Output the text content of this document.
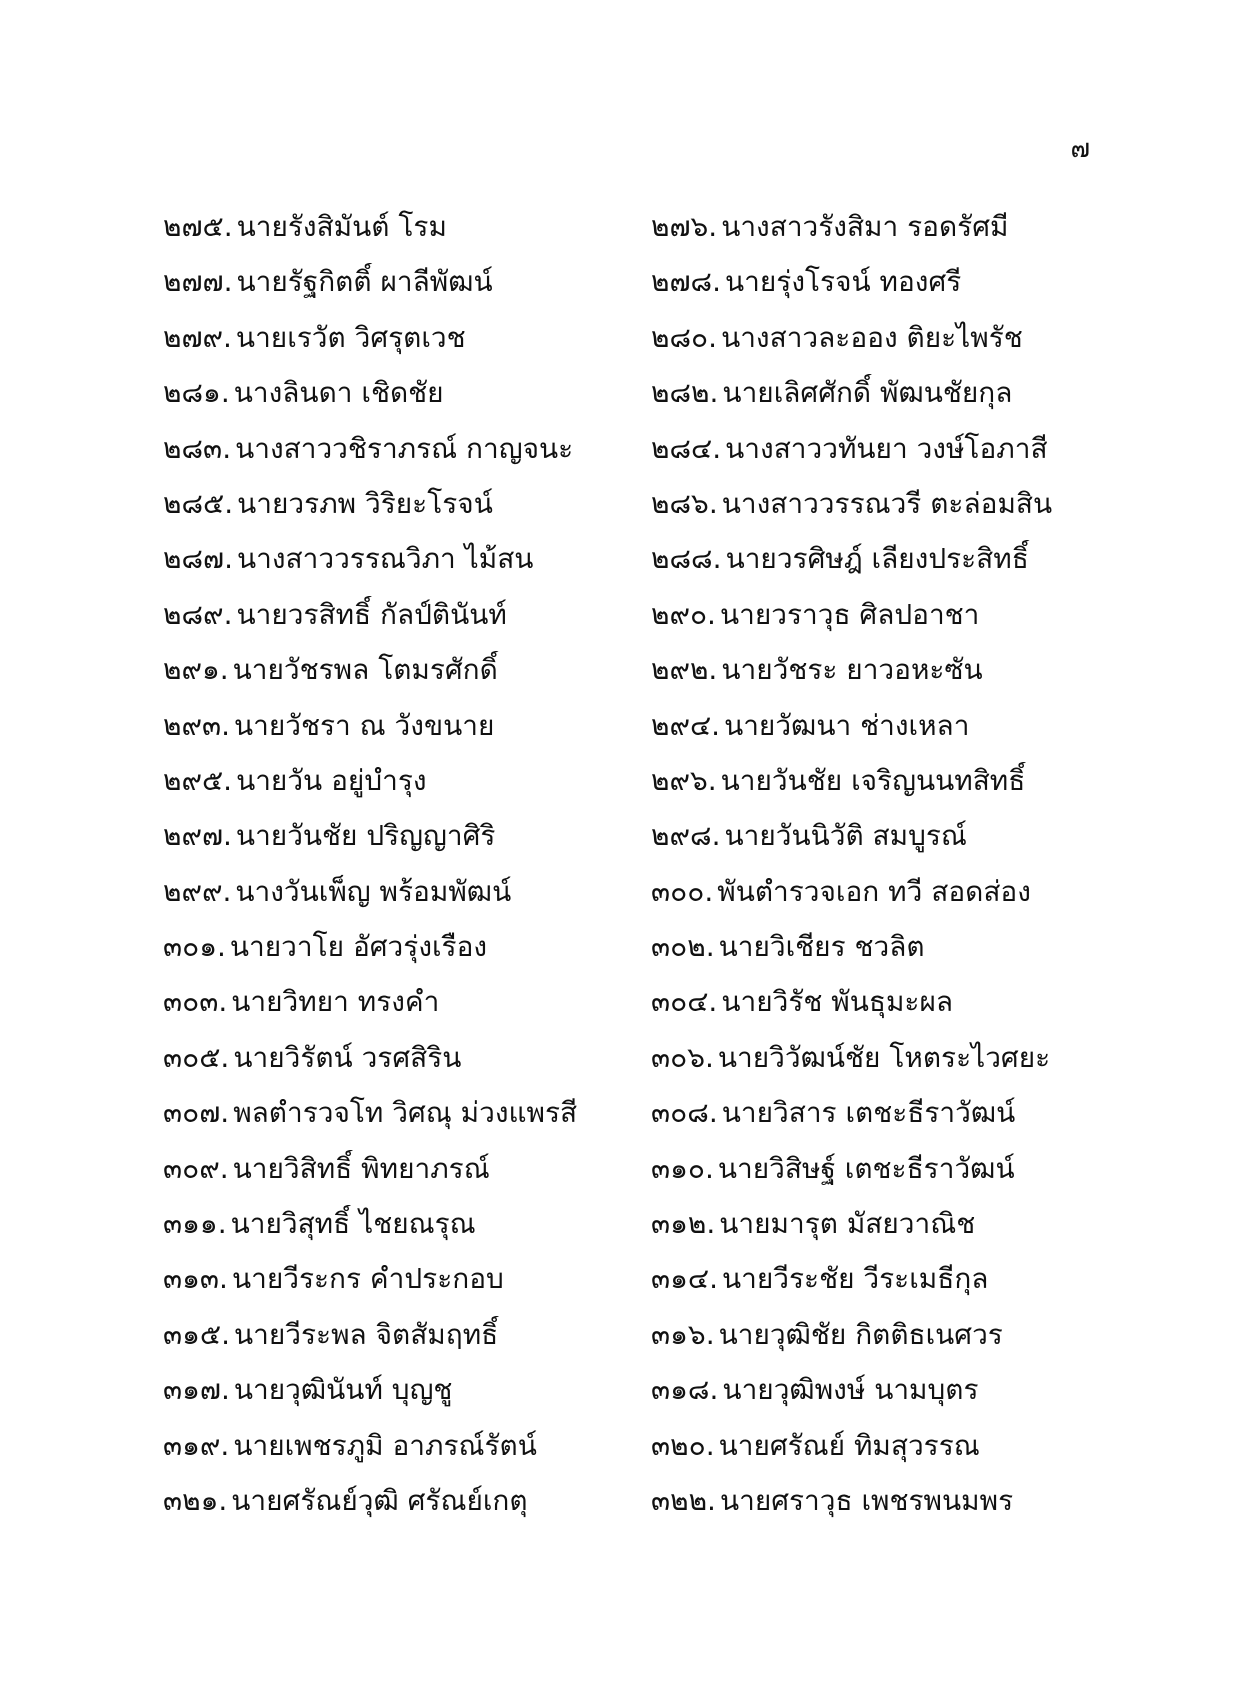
๗
๒๗๕. นายรังสิมันต์ โรม	๒๗๖. นางสาวรังสิมา รอดรัศมี
๒๗๗. นายรัฐกิตติ์ ผาลีพัฒน์	๒๗๘. นายรุ่งโรจน์ ทองศรี
๒๗๙. นายเรวัต วิศรุตเวช	๒๘๐. นางสาวละออง ติยะไพรัช
๒๘๑. นางลินดา เชิดชัย	๒๘๒. นายเลิศศักดิ์ พัฒนชัยกุล
๒๘๓. นางสาววชิราภรณ์ กาญจนะ	๒๘๔. นางสาววทันยา วงษ์โอภาสี
๒๘๕. นายวรภพ วิริยะโรจน์	๒๘๖. นางสาววรรณวรี ตะล่อมสิน
๒๘๗. นางสาววรรณวิภา ไม้สน	๒๘๘. นายวรศิษฎ์ เลียงประสิทธิ์
๒๘๙. นายวรสิทธิ์ กัลป์ตินันท์	๒๙๐. นายวราวุธ ศิลปอาชา
๒๙๑. นายวัชรพล โตมรศักดิ์	๒๙๒. นายวัชระ ยาวอหะซัน
๒๙๓. นายวัชรา ณ วังขนาย	๒๙๔. นายวัฒนา ช่างเหลา
๒๙๕. นายวัน อยู่บำรุง	๒๙๖. นายวันชัย เจริญนนทสิทธิ์
๒๙๗. นายวันชัย ปริญญาศิริ	๒๙๘. นายวันนิวัติ สมบูรณ์
๒๙๙. นางวันเพ็ญ พร้อมพัฒน์	๓๐๐. พันตำรวจเอก ทวี สอดส่อง
๓๐๑. นายวาโย อัศวรุ่งเรือง	๓๐๒. นายวิเชียร ชวลิต
๓๐๓. นายวิทยา ทรงคำ	๓๐๔. นายวิรัช พันธุมะผล
๓๐๕. นายวิรัตน์ วรศสิริน	๓๐๖. นายวิวัฒน์ชัย โหตระไวศยะ
๓๐๗. พลตำรวจโท วิศณุ ม่วงแพรสี	๓๐๘. นายวิสาร เตชะธีราวัฒน์
๓๐๙. นายวิสิทธิ์ พิทยาภรณ์	๓๑๐. นายวิสิษฐ์ เตชะธีราวัฒน์
๓๑๑. นายวิสุทธิ์ ไชยณรุณ	๓๑๒. นายมารุต มัสยวาณิช
๓๑๓. นายวีระกร คำประกอบ	๓๑๔. นายวีระชัย วีระเมธีกุล
๓๑๕. นายวีระพล จิตสัมฤทธิ์	๓๑๖. นายวุฒิชัย กิตติธเนศวร
๓๑๗. นายวุฒินันท์ บุญชู	๓๑๘. นายวุฒิพงษ์ นามบุตร
๓๑๙. นายเพชรภูมิ อาภรณ์รัตน์	๓๒๐. นายศรัณย์ ทิมสุวรรณ
๓๒๑. นายศรัณย์วุฒิ ศรัณย์เกตุ	๓๒๒. นายศราวุธ เพชรพนมพร
